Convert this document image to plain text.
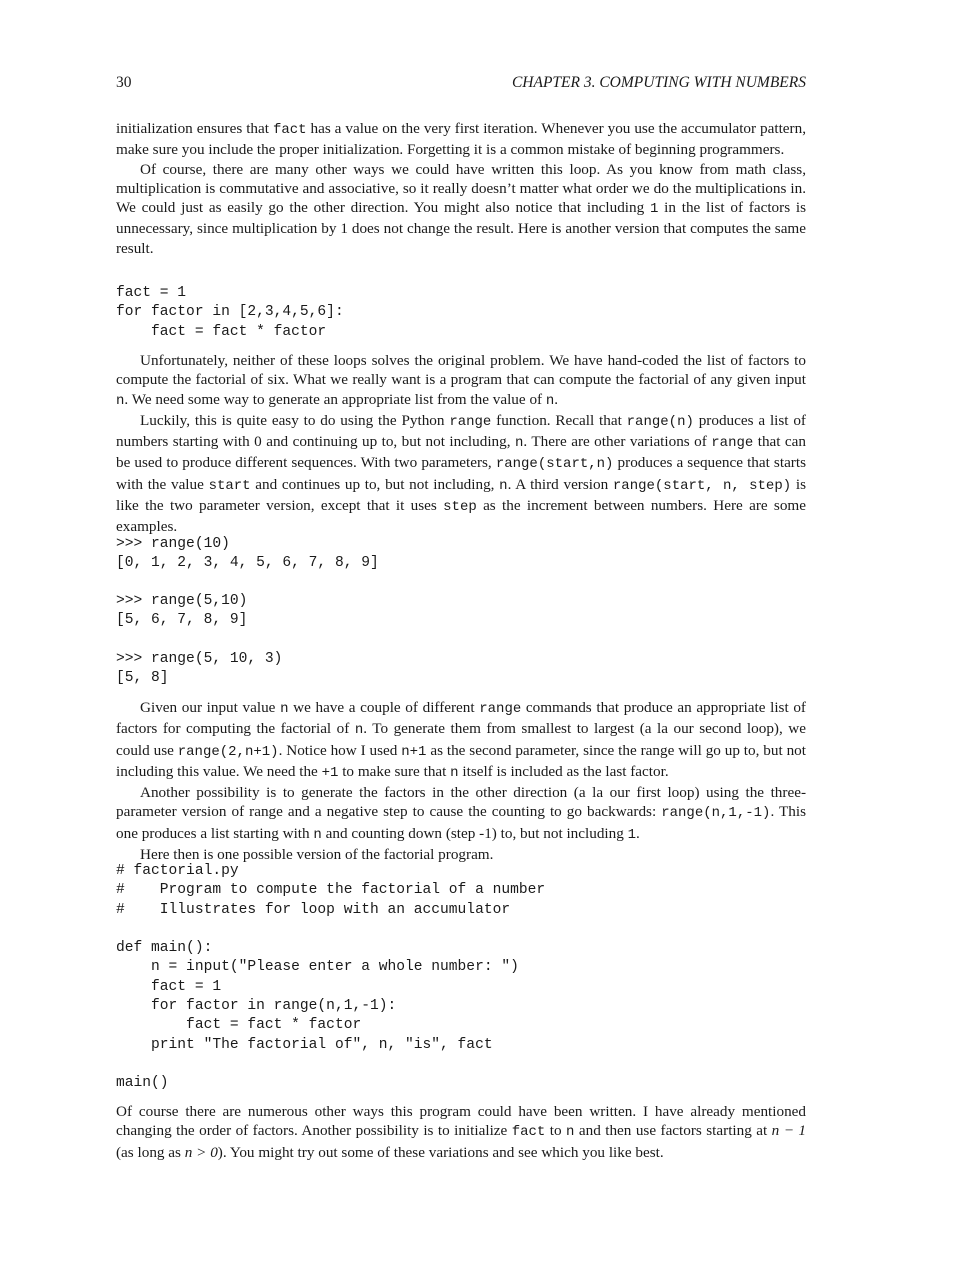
30	CHAPTER 3. COMPUTING WITH NUMBERS

initialization ensures that fact has a value on the very first iteration. Whenever you use the accumulator pattern, make sure you include the proper initialization. Forgetting it is a common mistake of beginning programmers.

Of course, there are many other ways we could have written this loop. As you know from math class, multiplication is commutative and associative, so it really doesn’t matter what order we do the multiplications in. We could just as easily go the other direction. You might also notice that including 1 in the list of factors is unnecessary, since multiplication by 1 does not change the result. Here is another version that computes the same result.

fact = 1
for factor in [2,3,4,5,6]:
fact = fact * factor

Unfortunately, neither of these loops solves the original problem. We have hand-coded the list of factors to compute the factorial of six. What we really want is a program that can compute the factorial of any given input n. We need some way to generate an appropriate list from the value of n.

Luckily, this is quite easy to do using the Python range function. Recall that range(n) produces a list of numbers starting with 0 and continuing up to, but not including, n. There are other variations of range that can be used to produce different sequences. With two parameters, range(start,n) produces a sequence that starts with the value start and continues up to, but not including, n. A third version range(start, n, step) is like the two parameter version, except that it uses step as the increment between numbers. Here are some examples.

>>> range(10)
[0, 1, 2, 3, 4, 5, 6, 7, 8, 9]
>>> range(5,10)
[5, 6, 7, 8, 9]
>>> range(5, 10, 3)
[5, 8]

Given our input value n we have a couple of different range commands that produce an appropriate list of factors for computing the factorial of n. To generate them from smallest to largest (a la our second loop), we could use range(2,n+1). Notice how I used n+1 as the second parameter, since the range will go up to, but not including this value. We need the +1 to make sure that n itself is included as the last factor.

Another possibility is to generate the factors in the other direction (a la our first loop) using the three-parameter version of range and a negative step to cause the counting to go backwards: range(n,1,-1). This one produces a list starting with n and counting down (step -1) to, but not including 1.

Here then is one possible version of the factorial program.

# factorial.py
#    Program to compute the factorial of a number
#    Illustrates for loop with an accumulator

def main():
n = input("Please enter a whole number: ")
fact = 1
for factor in range(n,1,-1):
fact = fact * factor
print "The factorial of", n, "is", fact

main()

Of course there are numerous other ways this program could have been written. I have already mentioned changing the order of factors. Another possibility is to initialize fact to n and then use factors starting at n − 1 (as long as n > 0). You might try out some of these variations and see which you like best.
